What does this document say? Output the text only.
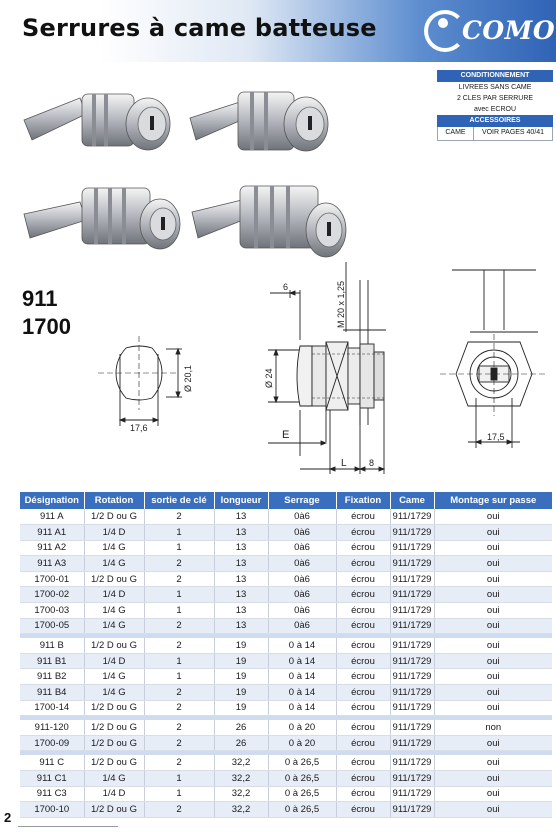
Serrures à came batteuse	COMO
CONDITIONNEMENT
LIVREES SANS CAME
2 CLES PAR SERRURE
avec ECROU
ACCESSOIRES
CAME	VOIR PAGES 40/41
911
1700
17,6
Ø 20,1
6	M 20 x 1,25
Ø 24
E
L 8
17,5
Désignation	Rotation	sortie de clé	longueur	Serrage	Fixation	Came	Montage sur passe
911 A	1/2 D ou G	2	13	0à6	écrou	911/1729	oui
911 A1	1/4 D	1	13	0à6	écrou	911/1729	oui
911 A2	1/4 G	1	13	0à6	écrou	911/1729	oui
911 A3	1/4 G	2	13	0à6	écrou	911/1729	oui
1700-01	1/2 D ou G	2	13	0à6	écrou	911/1729	oui
1700-02	1/4 D	1	13	0à6	écrou	911/1729	oui
1700-03	1/4 G	1	13	0à6	écrou	911/1729	oui
1700-05	1/4 G	2	13	0à6	écrou	911/1729	oui

911 B	1/2 D ou G	2	19	0 à 14	écrou	911/1729	oui
911 B1	1/4 D	1	19	0 à 14	écrou	911/1729	oui
911 B2	1/4 G	1	19	0 à 14	écrou	911/1729	oui
911 B4	1/4 G	2	19	0 à 14	écrou	911/1729	oui
1700-14	1/2 D ou G	2	19	0 à 14	écrou	911/1729	oui

911-120	1/2 D ou G	2	26	0 à 20	écrou	911/1729	non
1700-09	1/2 D ou G	2	26	0 à 20	écrou	911/1729	oui

911 C	1/2 D ou G	2	32,2	0 à 26,5	écrou	911/1729	oui
911 C1	1/4 G	1	32,2	0 à 26,5	écrou	911/1729	oui
911 C3	1/4 D	1	32,2	0 à 26,5	écrou	911/1729	oui
1700-10	1/2 D ou G	2	32,2	0 à 26,5	écrou	911/1729	oui
2
